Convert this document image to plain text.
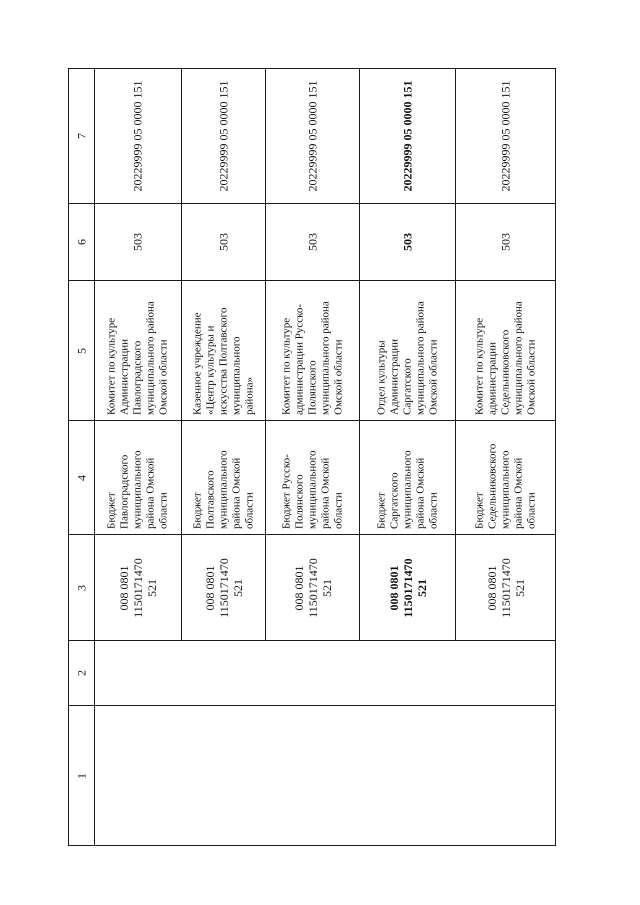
1
2
3
4
5
6
7
008 0801
1150171470 521
Бюджет
Павлоградского
муниципального
района Омской
области
Комитет по культуре
Администрации
Павлоградского
муниципального района
Омской области
503
20229999 05 0000 151
008 0801
1150171470 521
Бюджет
Полтавского
муниципального
района Омской
области
Казенное учреждение
«Центр культуры и
искусства Полтавского
муниципального
района»
503
20229999 05 0000 151
008 0801
1150171470 521
Бюджет Русско-
Полянского
муниципального
района Омской
области
Комитет по культуре
администрации Русско-
Полянского
муниципального района
Омской области
503
20229999 05 0000 151
008 0801
1150171470 521
Бюджет
Саргатского
муниципального
района Омской
области
Отдел культуры
Администрации
Саргатского
муниципального района
Омской области
503
20229999 05 0000 151
008 0801
1150171470 521
Бюджет
Седельниковского
муниципального
района Омской
области
Комитет по культуре
администрации
Седельниковского
муниципального района
Омской области
503
20229999 05 0000 151
